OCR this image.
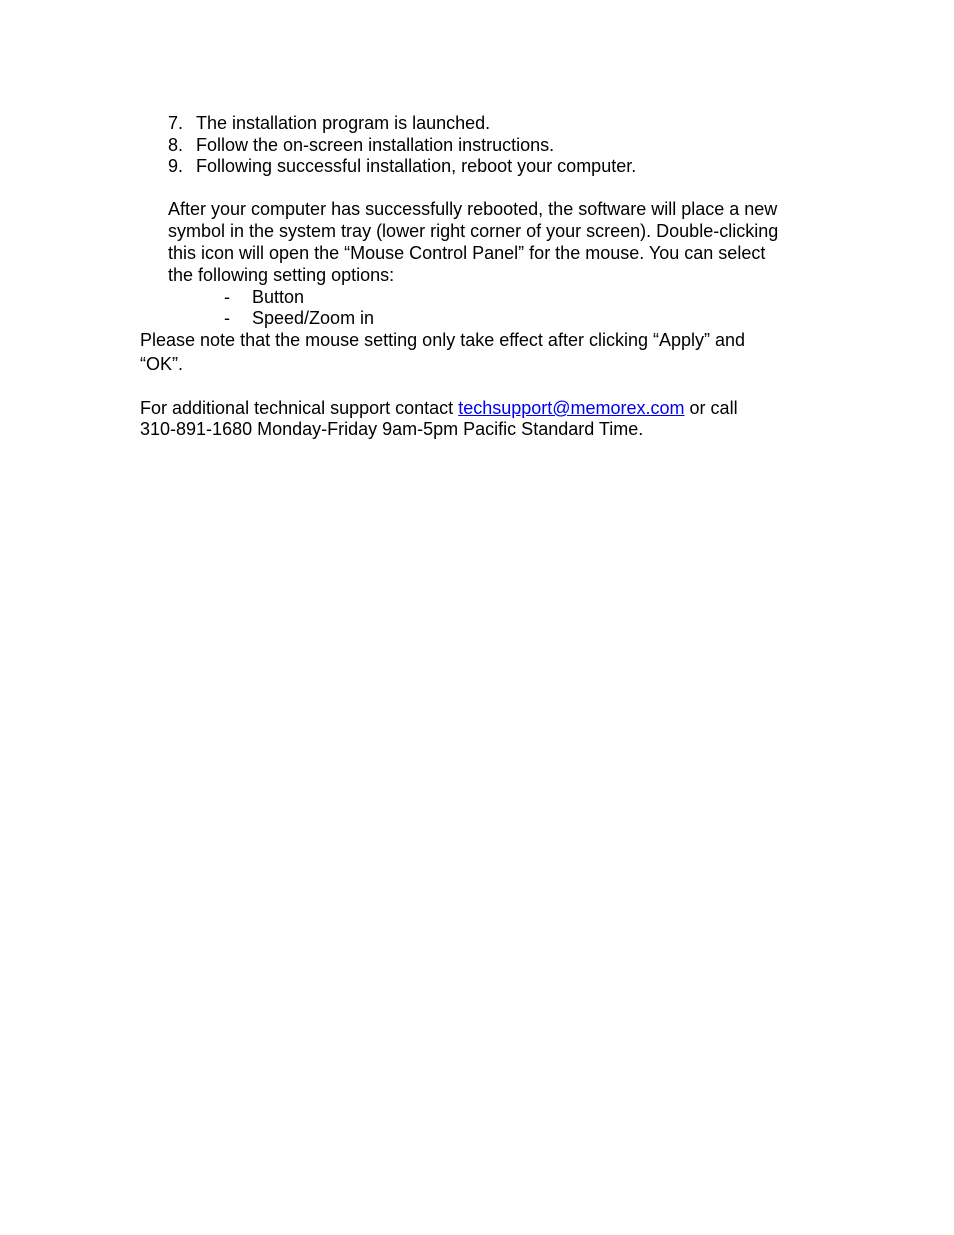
7. The installation program is launched.
8. Follow the on-screen installation instructions.
9. Following successful installation, reboot your computer.
After your computer has successfully rebooted, the software will place a new
symbol in the system tray (lower right corner of your screen). Double-clicking
this icon will open the “Mouse Control Panel” for the mouse. You can select
the following setting options:
- Button
- Speed/Zoom in
Please note that the mouse setting only take effect after clicking “Apply” and
“OK”.
For additional technical support contact techsupport@memorex.com or call
310-891-1680 Monday-Friday 9am-5pm Pacific Standard Time.
